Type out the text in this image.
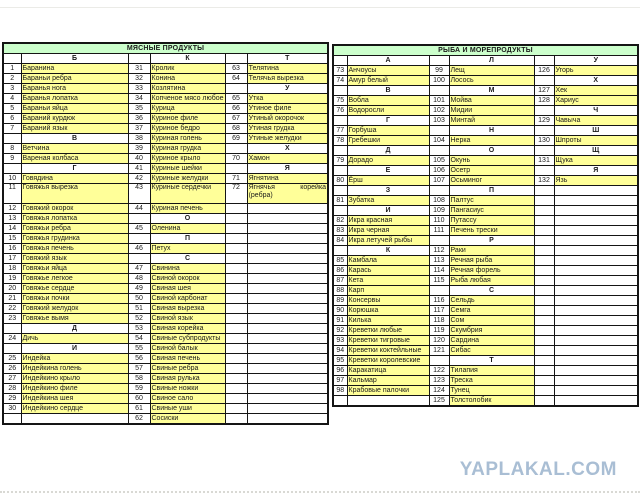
МЯСНЫЕ ПРОДУКТЫ					
	Б		К		Т
1	Баранина	31	Кролик	63	Телятина
2	Бараньи ребра	32	Конина	64	Телячья вырезка
3	Баранья нога	33	Козлятина		У
4	Баранья лопатка	34	Копченое мясо любое	65	Утка
5	Бараньи яйца	35	Курица	66	Утиное филе
6	Бараний курдюк	36	Куриное филе	67	Утиный окорочок
7	Бараний язык	37	Куриное бедро	68	Утиная грудка
	В	38	Куриная голень	69	Утиные желудки
8	Ветчина	39	Куриная грудка		Х
9	Вареная колбаса	40	Куриное крыло	70	Хамон
	Г	41	Куриные шейки		Я
10	Говядина	42	Куриные желудки	71	Ягнятина
11	Говяжья вырезка	43	Куриные сердечки	72	Ягнячья корейка (ребра)
12	Говяжий окорок	44	Куриная печень		
13	Говяжья лопатка		О		
14	Говяжьи ребра	45	Оленина		
15	Говяжья грудинка		П		
16	Говяжья печень	46	Петух		
17	Говяжий язык		С		
18	Говяжьи яйца	47	Свинина		
19	Говяжье легкое	48	Свиной окорок		
20	Говяжье сердце	49	Свиная шея		
21	Говяжьи почки	50	Свиной карбонат		
22	Говяжий желудок	51	Свиная вырезка		
23	Говяжье вымя	52	Свиной язык		
	Д	53	Свиная корейка		
24	Дичь	54	Свиные субпродукты		
	И	55	Свиной балык		
25	Индейка	56	Свиная печень		
26	Индейкина голень	57	Свиные ребра		
27	Индейкино крыло	58	Свиная рулька		
28	Индейкино филе	59	Свиные ножки		
29	Индейкина шея	60	Свиное сало		
30	Индейкино сердце	61	Свиные уши		
		62	Сосиски		
РЫБА И МОРЕПРОДУКТЫ					
	А		Л		У
73	Анчоусы	99	Лещ	126	Угорь
74	Амур белый	100	Лосось		Х
	В		М	127	Хек
75	Вобла	101	Мойва	128	Хариус
76	Водоросли	102	Мидии		Ч
	Г	103	Минтай	129	Чавыча
77	Горбуша		Н		Ш
78	Гребешки	104	Нерка	130	Шпроты
	Д		О		Щ
79	Дорадо	105	Окунь	131	Щука
	Е	106	Осетр		Я
80	Ёрш	107	Осьминог	132	Язь
	З		П		
81	Зубатка	108	Палтус		
	И	109	Пангасиус		
82	Икра красная	110	Путассу		
83	Икра черная	111	Печень трески		
84	Икра летучей рыбы		Р		
	К	112	Раки		
85	Камбала	113	Речная рыба		
86	Карась	114	Речная форель		
87	Кета	115	Рыба любая		
88	Карп		С		
89	Консервы	116	Сельдь		
90	Корюшка	117	Семга		
91	Килька	118	Сом		
92	Креветки любые	119	Скумбрия		
93	Креветки тигровые	120	Сардина		
94	Креветки коктейльные	121	Сибас		
95	Креветки королевские		Т		
96	Каракатица	122	Тилапия		
97	Кальмар	123	Треска		
98	Крабовые палочки	124	Тунец		
		125	Толстолобик		
YAPLAKAL.COM
